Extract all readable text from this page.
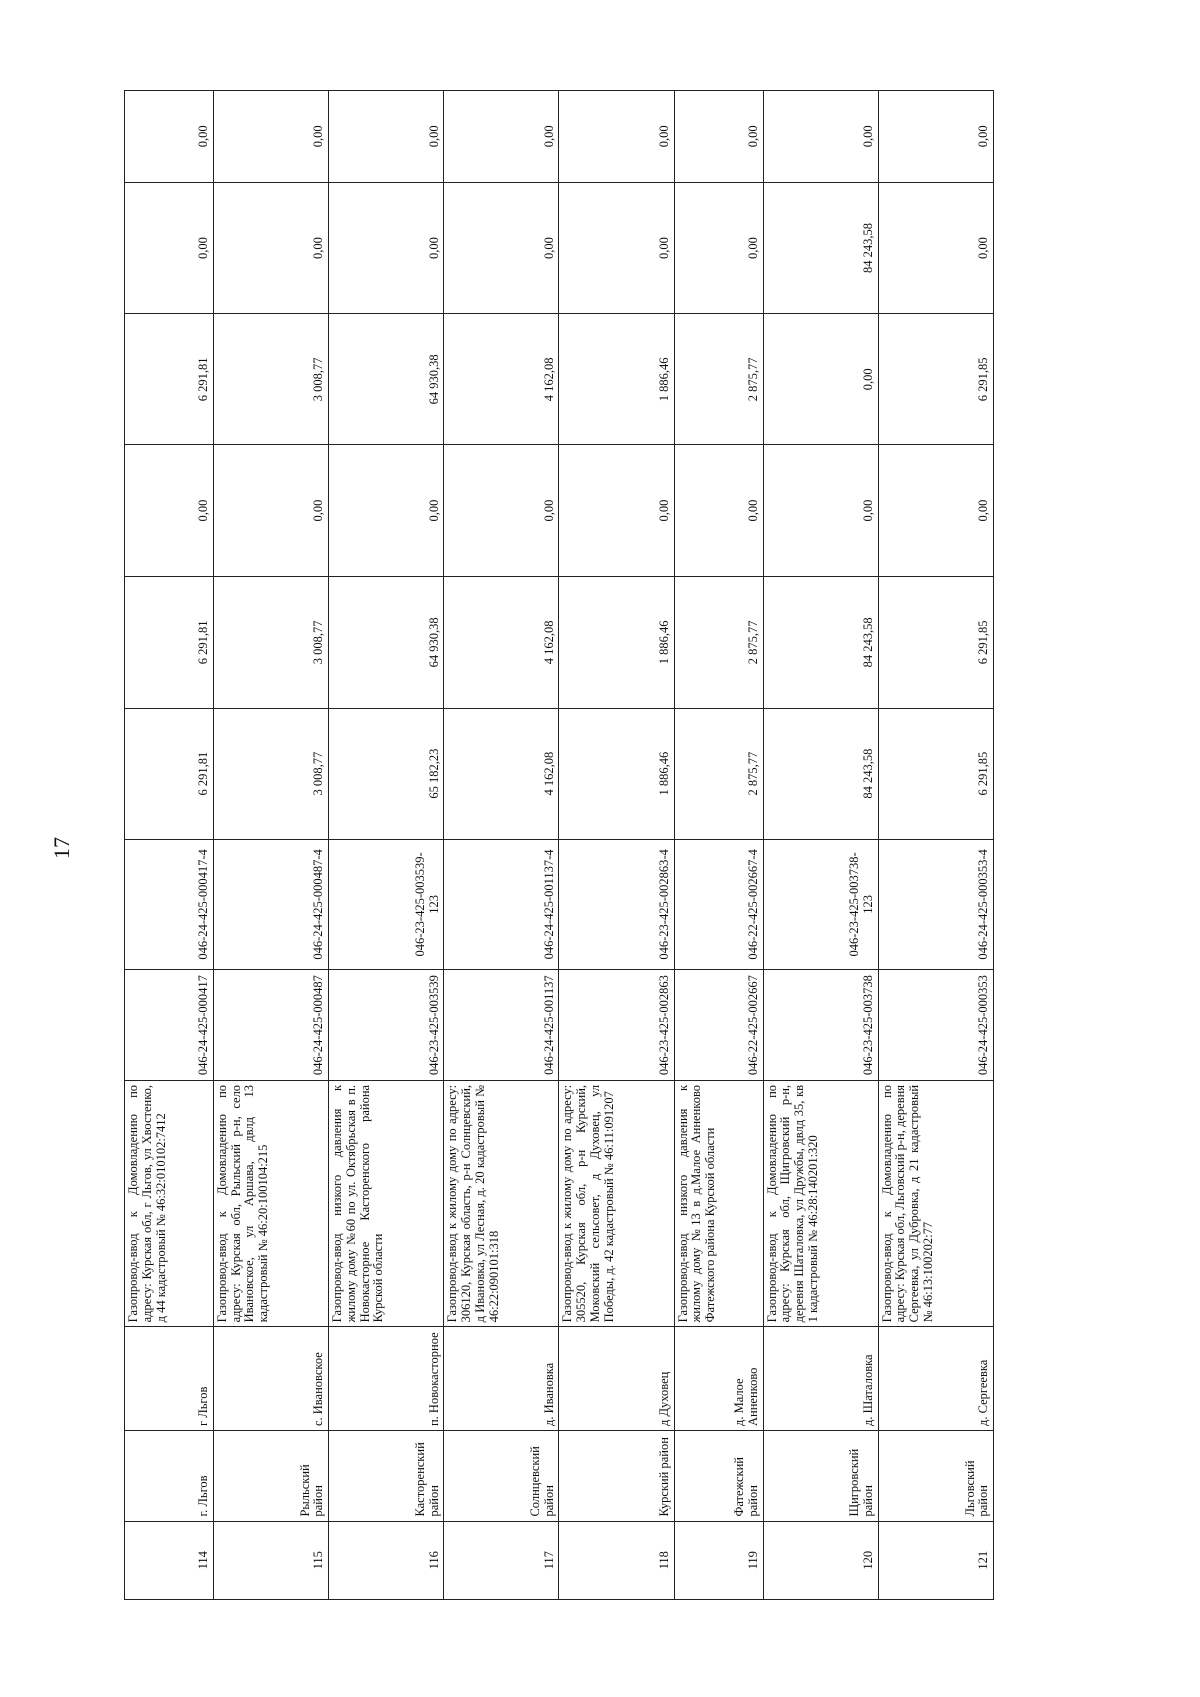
17
114	г. Льгов	г Льгов	Газопровод-ввод к Домовладению по адресу: Курская обл, г Льгов, ул Хвостенко, д 44 кадастровый № 46:32:010102:7412	046-24-425-000417	046-24-425-000417-4	6 291,81	6 291,81	0,00	6 291,81	0,00	0,00
115	Рыльский район	с. Ивановское	Газопровод-ввод к Домовладению по адресу: Курская обл, Рыльский р-н, село Ивановское, ул Аршава, двлд 13 кадастровый № 46:20:100104:215	046-24-425-000487	046-24-425-000487-4	3 008,77	3 008,77	0,00	3 008,77	0,00	0,00
116	Касторенский район	п. Новокасторное	Газопровод-ввод низкого давления к жилому дому №60 по ул. Октябрьская в п. Новокасторное Касторенского района Курской области	046-23-425-003539	046-23-425-003539-123	65 182,23	64 930,38	0,00	64 930,38	0,00	0,00
117	Солнцевский район	д. Ивановка	Газопровод-ввод к жилому дому по адресу: 306120, Курская область, р-н Солнцевский, д Ивановка, ул Лесная, д. 20 кадастровый № 46:22:090101:318	046-24-425-001137	046-24-425-001137-4	4 162,08	4 162,08	0,00	4 162,08	0,00	0,00
118	Курский район	д Духовец	Газопровод-ввод к жилому дому по адресу: 305520, Курская обл, р-н Курский, Моковский сельсовет, д Духовец, ул Победы, д. 42 кадастровый № 46:11:091207	046-23-425-002863	046-23-425-002863-4	1 886,46	1 886,46	0,00	1 886,46	0,00	0,00
119	Фатежский район	д. Малое Анненково	Газопровод-ввод низкого давления к жилому дому №13 в д.Малое Анненково Фатежского района Курской области	046-22-425-002667	046-22-425-002667-4	2 875,77	2 875,77	0,00	2 875,77	0,00	0,00
120	Щигровский район	д. Шаталовка	Газопровод-ввод к Домовладению по адресу: Курская обл, Щигровский р-н, деревня Шаталовка, ул Дружбы, двлд 35, кв 1 кадастровый № 46:28:140201:320	046-23-425-003738	046-23-425-003738-123	84 243,58	84 243,58	0,00	0,00	84 243,58	0,00
121	Льговский район	д. Сергеевка	Газопровод-ввод к Домовладению по адресу: Курская обл, Льговский р-н, деревня Сергеевка, ул Дубровка, д 21 кадастровый № 46:13:100202:77	046-24-425-000353	046-24-425-000353-4	6 291,85	6 291,85	0,00	6 291,85	0,00	0,00
